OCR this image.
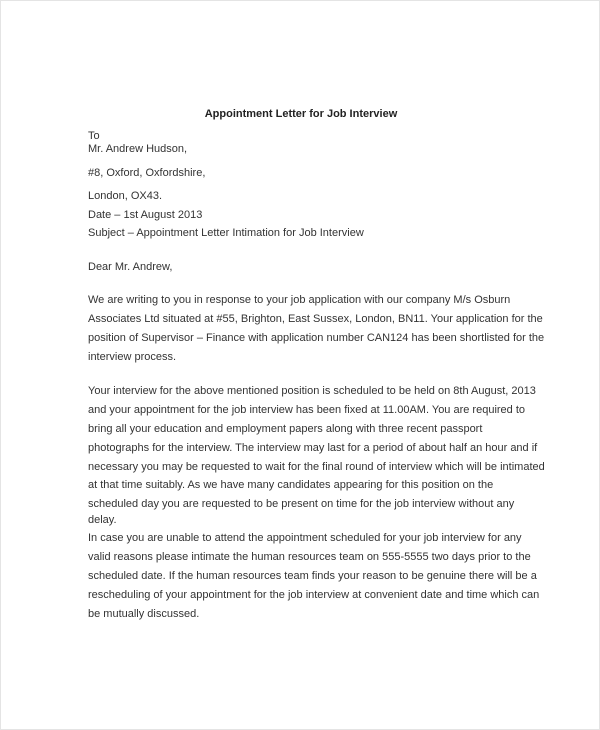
Appointment Letter for Job Interview
To
Mr. Andrew Hudson,
#8, Oxford, Oxfordshire,
London, OX43.
Date – 1st August 2013
Subject – Appointment Letter Intimation for Job Interview
Dear Mr. Andrew,
We are writing to you in response to your job application with our company M/s Osburn
Associates Ltd situated at #55, Brighton, East Sussex, London, BN11. Your application for the
position of Supervisor – Finance with application number CAN124 has been shortlisted for the
interview process.
Your interview for the above mentioned position is scheduled to be held on 8th August, 2013
and your appointment for the job interview has been fixed at 11.00AM. You are required to
bring all your education and employment papers along with three recent passport
photographs for the interview. The interview may last for a period of about half an hour and if
necessary you may be requested to wait for the final round of interview which will be intimated
at that time suitably. As we have many candidates appearing for this position on the
scheduled day you are requested to be present on time for the job interview without any
delay.
In case you are unable to attend the appointment scheduled for your job interview for any
valid reasons please intimate the human resources team on 555-5555 two days prior to the
scheduled date. If the human resources team finds your reason to be genuine there will be a
rescheduling of your appointment for the job interview at convenient date and time which can
be mutually discussed.
